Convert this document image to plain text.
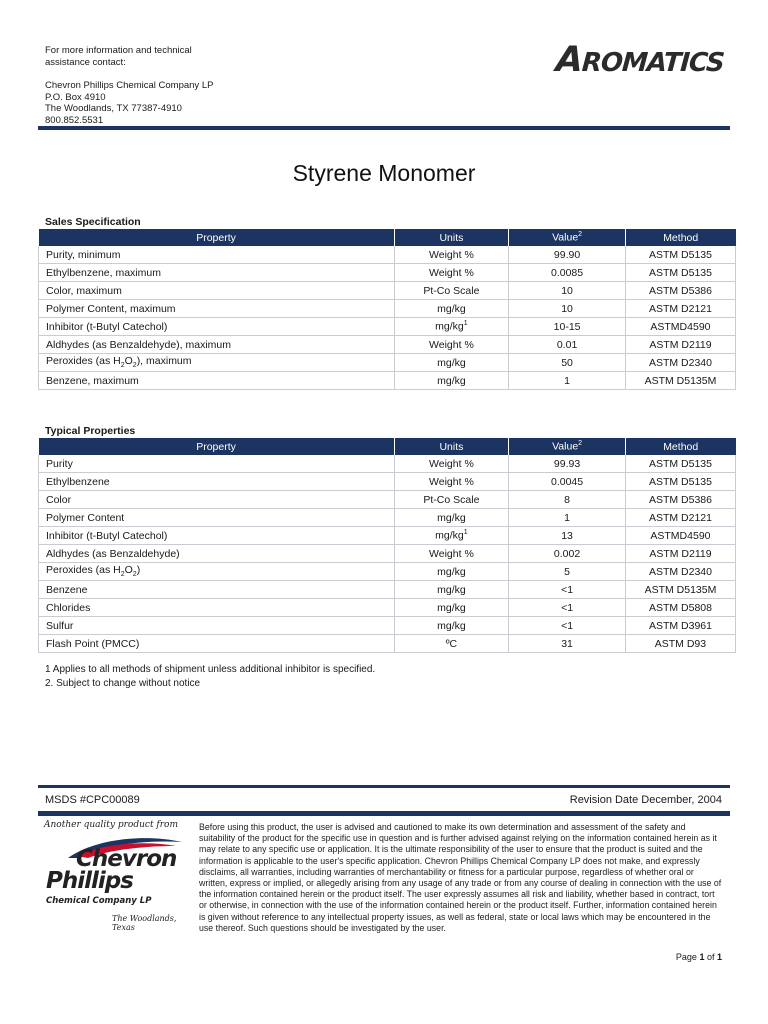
For more information and technical
assistance contact:
Chevron Phillips Chemical Company LP
P.O. Box 4910
The Woodlands, TX 77387-4910
800.852.5531
AROMATICS
Styrene Monomer
Sales Specification
Property	Units	Value$^2$	Method
Purity, minimum	Weight %	99.90	ASTM D5135
Ethylbenzene, maximum	Weight %	0.0085	ASTM D5135
Color, maximum	Pt-Co Scale	10	ASTM D5386
Polymer Content, maximum	mg/kg	10	ASTM D2121
Inhibitor (t-Butyl Catechol)	$mg/kg^1$	10-15	ASTMD4590
Aldhydes (as Benzaldehyde), maximum	Weight %	0.01	ASTM D2119
Peroxides (as $H_2O_2$), maximum	mg/kg	50	ASTM D2340
Benzene, maximum	mg/kg	1	ASTM D5135M
Typical Properties
Property	Units	Value$^2$	Method
Purity	Weight %	99.93	ASTM D5135
Ethylbenzene	Weight %	0.0045	ASTM D5135
Color	Pt-Co Scale	8	ASTM D5386
Polymer Content	mg/kg	1	ASTM D2121
Inhibitor (t-Butyl Catechol)	$mg/kg^1$	13	ASTMD4590
Aldhydes (as Benzaldehyde)	Weight %	0.002	ASTM D2119
Peroxides (as $H_2O_2$)	mg/kg	5	ASTM D2340
Benzene	mg/kg	<1	ASTM D5135M
Chlorides	mg/kg	<1	ASTM D5808
Sulfur	mg/kg	<1	ASTM D3961
Flash Point (PMCC)	ºC	31	ASTM D93
1 Applies to all methods of shipment unless additional inhibitor is specified.
2. Subject to change without notice
MSDS #CPC00089	Revision Date December, 2004
Another quality product from
Chevron
Phillips
Chemical Company LP
The Woodlands, Texas
Before using this product, the user is advised and cautioned to make its own determination and assessment of the safety and suitability of the product for the specific use in question and is further advised against relying on the information contained herein as it may relate to any specific use or application. It is the ultimate responsibility of the user to ensure that the product is suited and the information is applicable to the user's specific application. Chevron Phillips Chemical Company LP does not make, and expressly disclaims, all warranties, including warranties of merchantability or fitness for a particular purpose, regardless of whether oral or written, express or implied, or allegedly arising from any usage of any trade or from any course of dealing in connection with the use of the information contained herein or the product itself. The user expressly assumes all risk and liability, whether based in contract, tort or otherwise, in connection with the use of the information contained herein or the product itself. Further, information contained herein is given without reference to any intellectual property issues, as well as federal, state or local laws which may be encountered in the use thereof. Such questions should be investigated by the user.
Page 1 of 1
